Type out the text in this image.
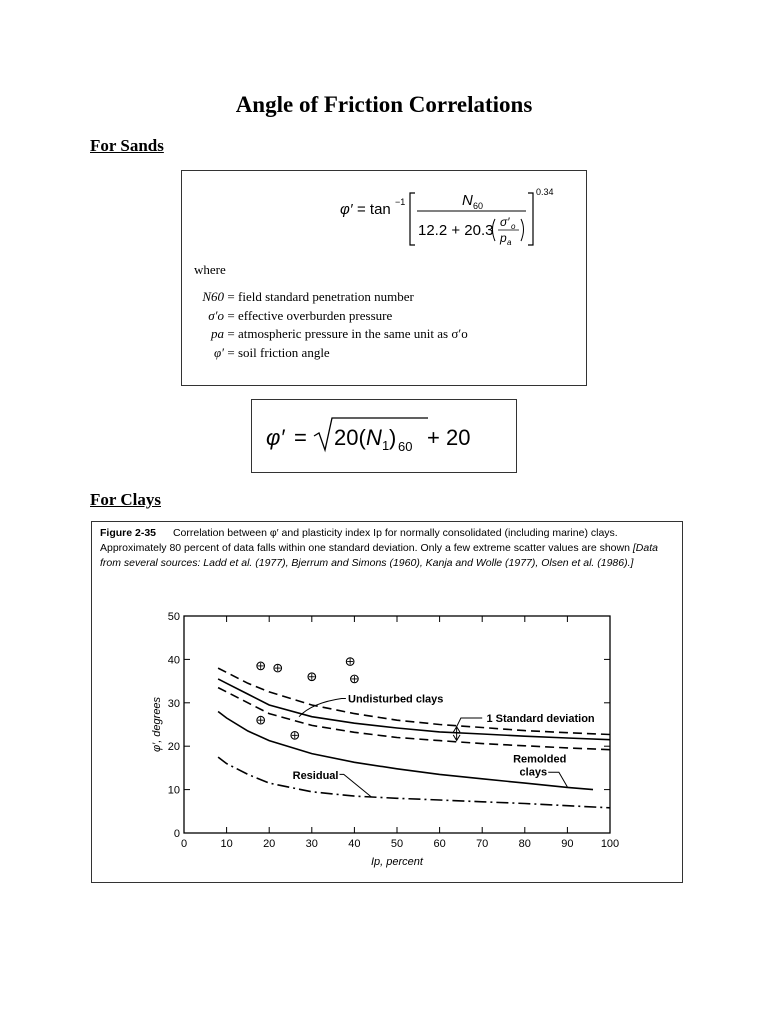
Angle of Friction Correlations
For Sands
φ′ = tan −1	N 60
12.2 + 20.3 σ′ o
p a
0.34
where
N60 = field standard penetration number
σ′o = effective overburden pressure
pa = atmospheric pressure in the same unit as σ′o
φ′ = soil friction angle
φ′ = 20( N 1 ) 60 + 20
For Clays
Figure 2-35 Correlation between φ′ and plasticity index Ip for normally consolidated (including marine) clays. Approximately 80 percent of data falls within one standard deviation. Only a few extreme scatter values are shown [Data from several sources: Ladd et al. (1977), Bjerrum and Simons (1960), Kanja and Wolle (1977), Olsen et al. (1986).]
0	10	20	30	40	50	60	70	80	90 100
0
10
20
30
40
50
Ip, percent
φ′, degrees	Undisturbed clays
1 Standard deviation
Remolded
clays
Residual
